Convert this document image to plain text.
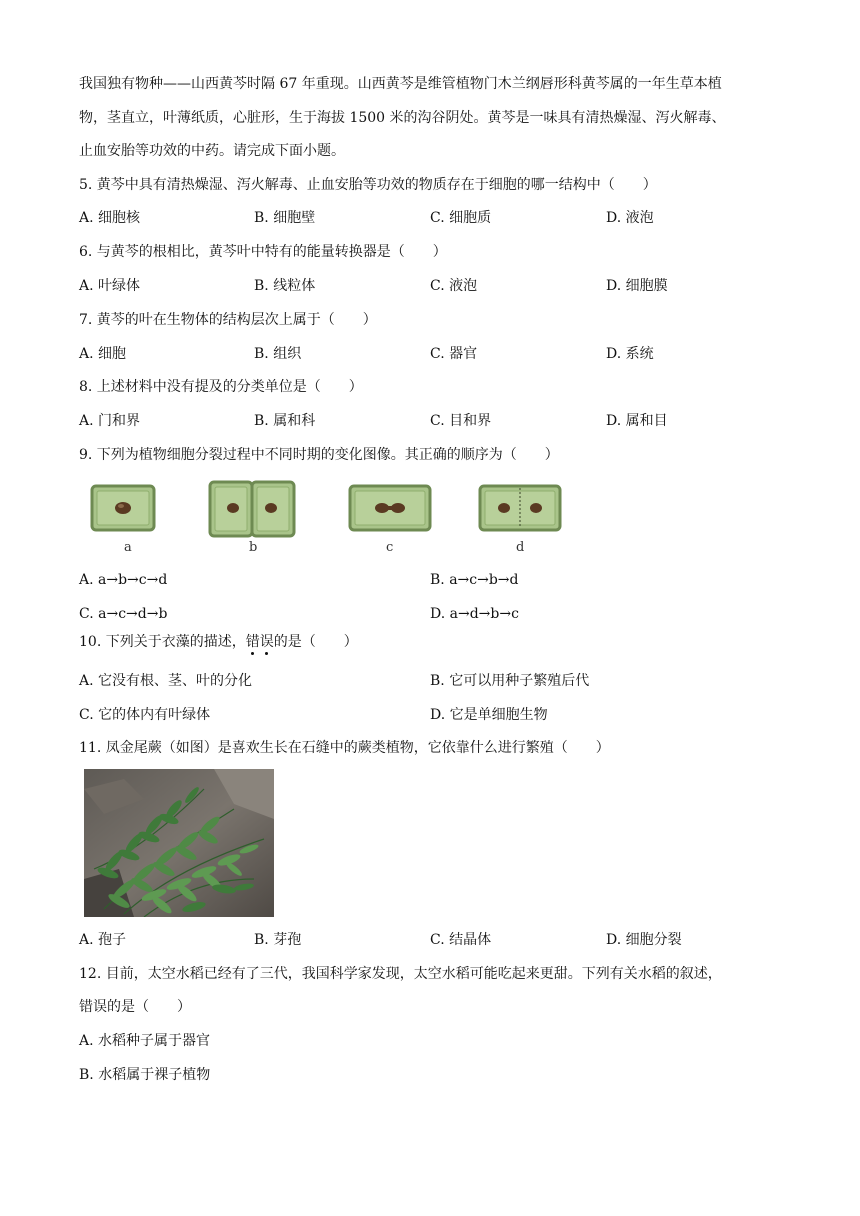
我国独有物种——山西黄芩时隔 67 年重现。山西黄芩是维管植物门木兰纲唇形科黄芩属的一年生草本植
物，茎直立，叶薄纸质，心脏形，生于海拔 1500 米的沟谷阴处。黄芩是一味具有清热燥湿、泻火解毒、
止血安胎等功效的中药。请完成下面小题。
5. 黄芩中具有清热燥湿、泻火解毒、止血安胎等功效的物质存在于细胞的哪一结构中（　　）
A. 细胞核	B. 细胞壁	C. 细胞质	D. 液泡
6. 与黄芩的根相比，黄芩叶中特有的能量转换器是（　　）
A. 叶绿体	B. 线粒体	C. 液泡	D. 细胞膜
7. 黄芩的叶在生物体的结构层次上属于（　　）
A. 细胞	B. 组织	C. 器官	D. 系统
8. 上述材料中没有提及的分类单位是（　　）
A. 门和界	B. 属和科	C. 目和界	D. 属和目
9. 下列为植物细胞分裂过程中不同时期的变化图像。其正确的顺序为（　　）
a	b	c	d
A. a→b→c→d	B. a→c→b→d
C. a→c→d→b	D. a→d→b→c
10. 下列关于衣藻的描述，错误的是（　　）
A. 它没有根、茎、叶的分化	B. 它可以用种子繁殖后代
C. 它的体内有叶绿体	D. 它是单细胞生物
11. 凤金尾蕨（如图）是喜欢生长在石缝中的蕨类植物，它依靠什么进行繁殖（　　）
A. 孢子	B. 芽孢	C. 结晶体	D. 细胞分裂
12. 目前，太空水稻已经有了三代，我国科学家发现，太空水稻可能吃起来更甜。下列有关水稻的叙述，
错误的是（　　）
A. 水稻种子属于器官
B. 水稻属于裸子植物
